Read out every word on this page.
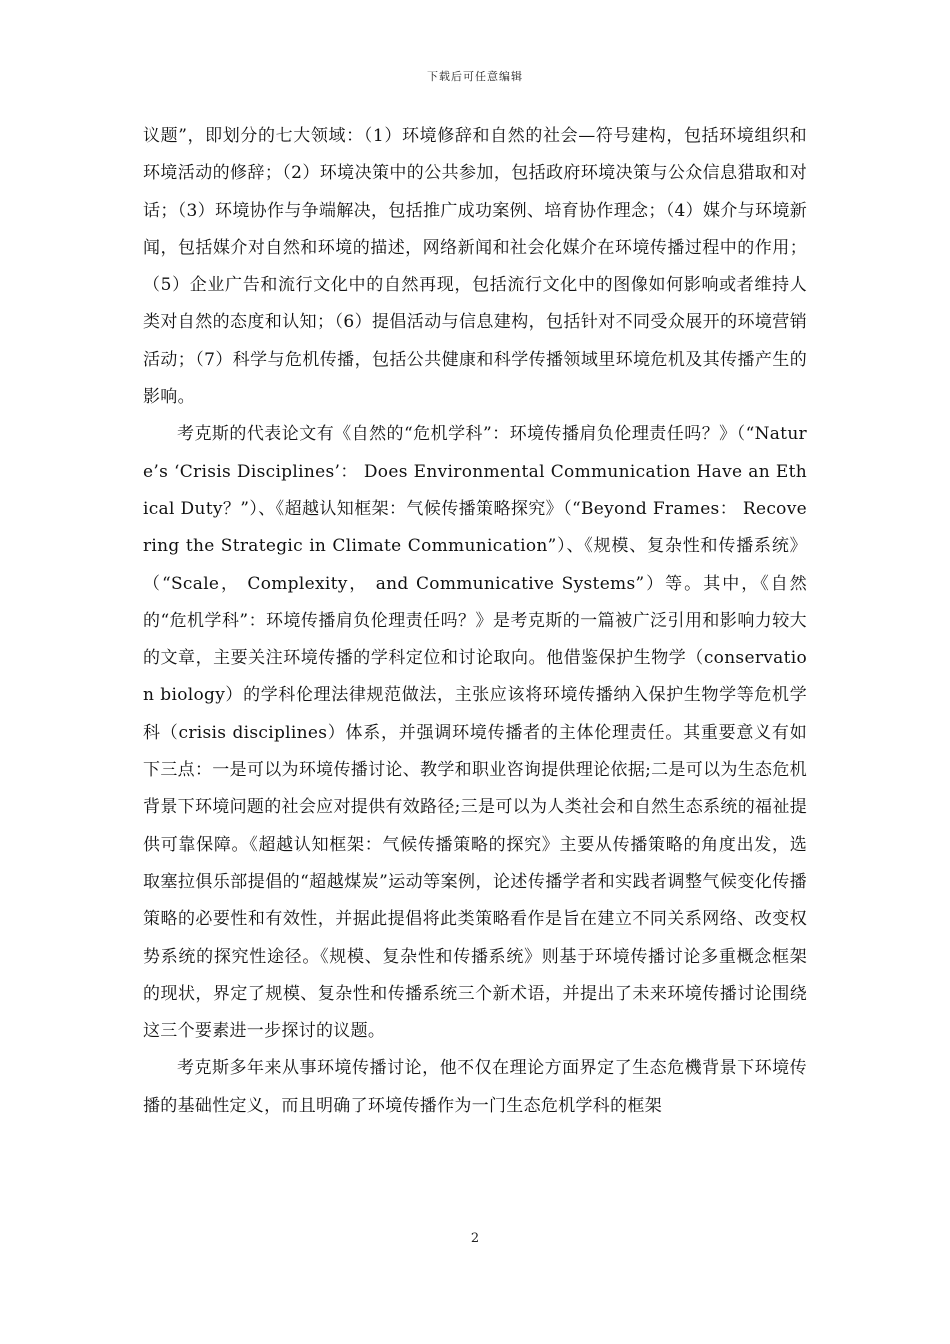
下载后可任意编辑

议题”，即划分的七大领域：（1）环境修辞和自然的社会—符号建构，包括环境组织和环境活动的修辞；（2）环境决策中的公共参加，包括政府环境决策与公众信息猎取和对话；（3）环境协作与争端解决，包括推广成功案例、培育协作理念；（4）媒介与环境新闻，包括媒介对自然和环境的描述，网络新闻和社会化媒介在环境传播过程中的作用；（5）企业广告和流行文化中的自然再现，包括流行文化中的图像如何影响或者维持人类对自然的态度和认知；（6）提倡活动与信息建构，包括针对不同受众展开的环境营销活动；（7）科学与危机传播，包括公共健康和科学传播领域里环境危机及其传播产生的影响。

考克斯的代表论文有《自然的“危机学科”：环境传播肩负伦理责任吗？》（“Nature’s ‘Crisis Disciplines’： Does Environmental Communication Have an Ethical Duty？”）、《超越认知框架：气候传播策略探究》（“Beyond Frames： Recovering the Strategic in Climate Communication”）、《规模、复杂性和传播系统》（“Scale， Complexity， and Communicative Systems”）等。其中，《自然的“危机学科”：环境传播肩负伦理责任吗？》是考克斯的一篇被广泛引用和影响力较大的文章，主要关注环境传播的学科定位和讨论取向。他借鉴保护生物学（conservation biology）的学科伦理法律规范做法，主张应该将环境传播纳入保护生物学等危机学科（crisis disciplines）体系，并强调环境传播者的主体伦理责任。其重要意义有如下三点：一是可以为环境传播讨论、教学和职业咨询提供理论依据;二是可以为生态危机背景下环境问题的社会应对提供有效路径;三是可以为人类社会和自然生态系统的福祉提供可靠保障。《超越认知框架：气候传播策略的探究》主要从传播策略的角度出发，选取塞拉俱乐部提倡的“超越煤炭”运动等案例，论述传播学者和实践者调整气候变化传播策略的必要性和有效性，并据此提倡将此类策略看作是旨在建立不同关系网络、改变权势系统的探究性途径。《规模、复杂性和传播系统》则基于环境传播讨论多重概念框架的现状，界定了规模、复杂性和传播系统三个新术语，并提出了未来环境传播讨论围绕这三个要素进一步探讨的议题。

考克斯多年来从事环境传播讨论，他不仅在理论方面界定了生态危機背景下环境传播的基础性定义，而且明确了环境传播作为一门生态危机学科的框架

2
